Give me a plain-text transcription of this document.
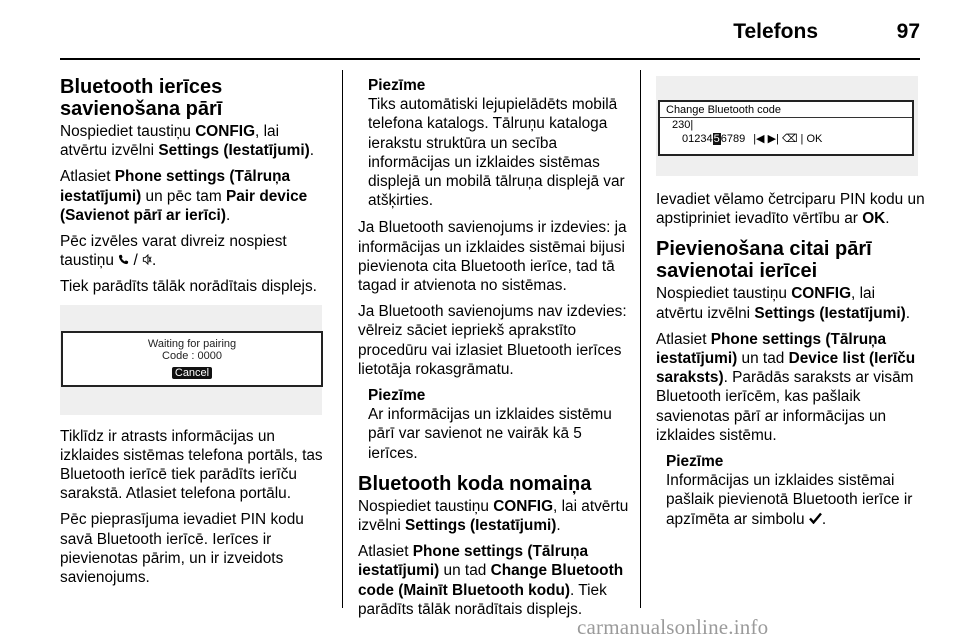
Telefons	97
Bluetooth ierīces savienošana pārī

Nospiediet taustiņu CONFIG, lai atvērtu izvēlni Settings (Iestatījumi).

Atlasiet Phone settings (Tālruņa iestatījumi) un pēc tam Pair device (Savienot pārī ar ierīci).

Pēc izvēles varat divreiz nospiest taustiņu  / .

Tiek parādīts tālāk norādītais displejs.

Waiting for pairing
Code : 0000
Cancel

Tiklīdz ir atrasts informācijas un izklaides sistēmas telefona portāls, tas Bluetooth ierīcē tiek parādīts ierīču sarakstā. Atlasiet telefona portālu.

Pēc pieprasījuma ievadiet PIN kodu savā Bluetooth ierīcē. Ierīces ir pievienotas pārim, un ir izveidots savienojums.

Piezīme
Tiks automātiski lejupielādēts mobilā telefona katalogs. Tālruņu kataloga ierakstu struktūra un secība informācijas un izklaides sistēmas displejā un mobilā tālruņa displejā var atšķirties.

Ja Bluetooth savienojums ir izdevies: ja informācijas un izklaides sistēmai bijusi pievienota cita Bluetooth ierīce, tad tā tagad ir atvienota no sistēmas.

Ja Bluetooth savienojums nav izdevies: vēlreiz sāciet iepriekš aprakstīto procedūru vai izlasiet Bluetooth ierīces lietotāja rokasgrāmatu.

Piezīme
Ar informācijas un izklaides sistēmu pārī var savienot ne vairāk kā 5 ierīces.
Bluetooth koda nomaiņa

Nospiediet taustiņu CONFIG, lai atvērtu izvēlni Settings (Iestatījumi).

Atlasiet Phone settings (Tālruņa iestatījumi) un tad Change Bluetooth code (Mainīt Bluetooth kodu). Tiek parādīts tālāk norādītais displejs.

Change Bluetooth code
230|
0123456789 |◀ ▶| ⌫ | OK

Ievadiet vēlamo četrciparu PIN kodu un apstipriniet ievadīto vērtību ar OK.

Pievienošana citai pārī savienotai ierīcei

Nospiediet taustiņu CONFIG, lai atvērtu izvēlni Settings (Iestatījumi).

Atlasiet Phone settings (Tālruņa iestatījumi) un tad Device list (Ierīču saraksts). Parādās saraksts ar visām Bluetooth ierīcēm, kas pašlaik savienotas pārī ar informācijas un izklaides sistēmu.

Piezīme
Informācijas un izklaides sistēmai pašlaik pievienotā Bluetooth ierīce ir apzīmēta ar simbolu .
carmanualsonline.info
